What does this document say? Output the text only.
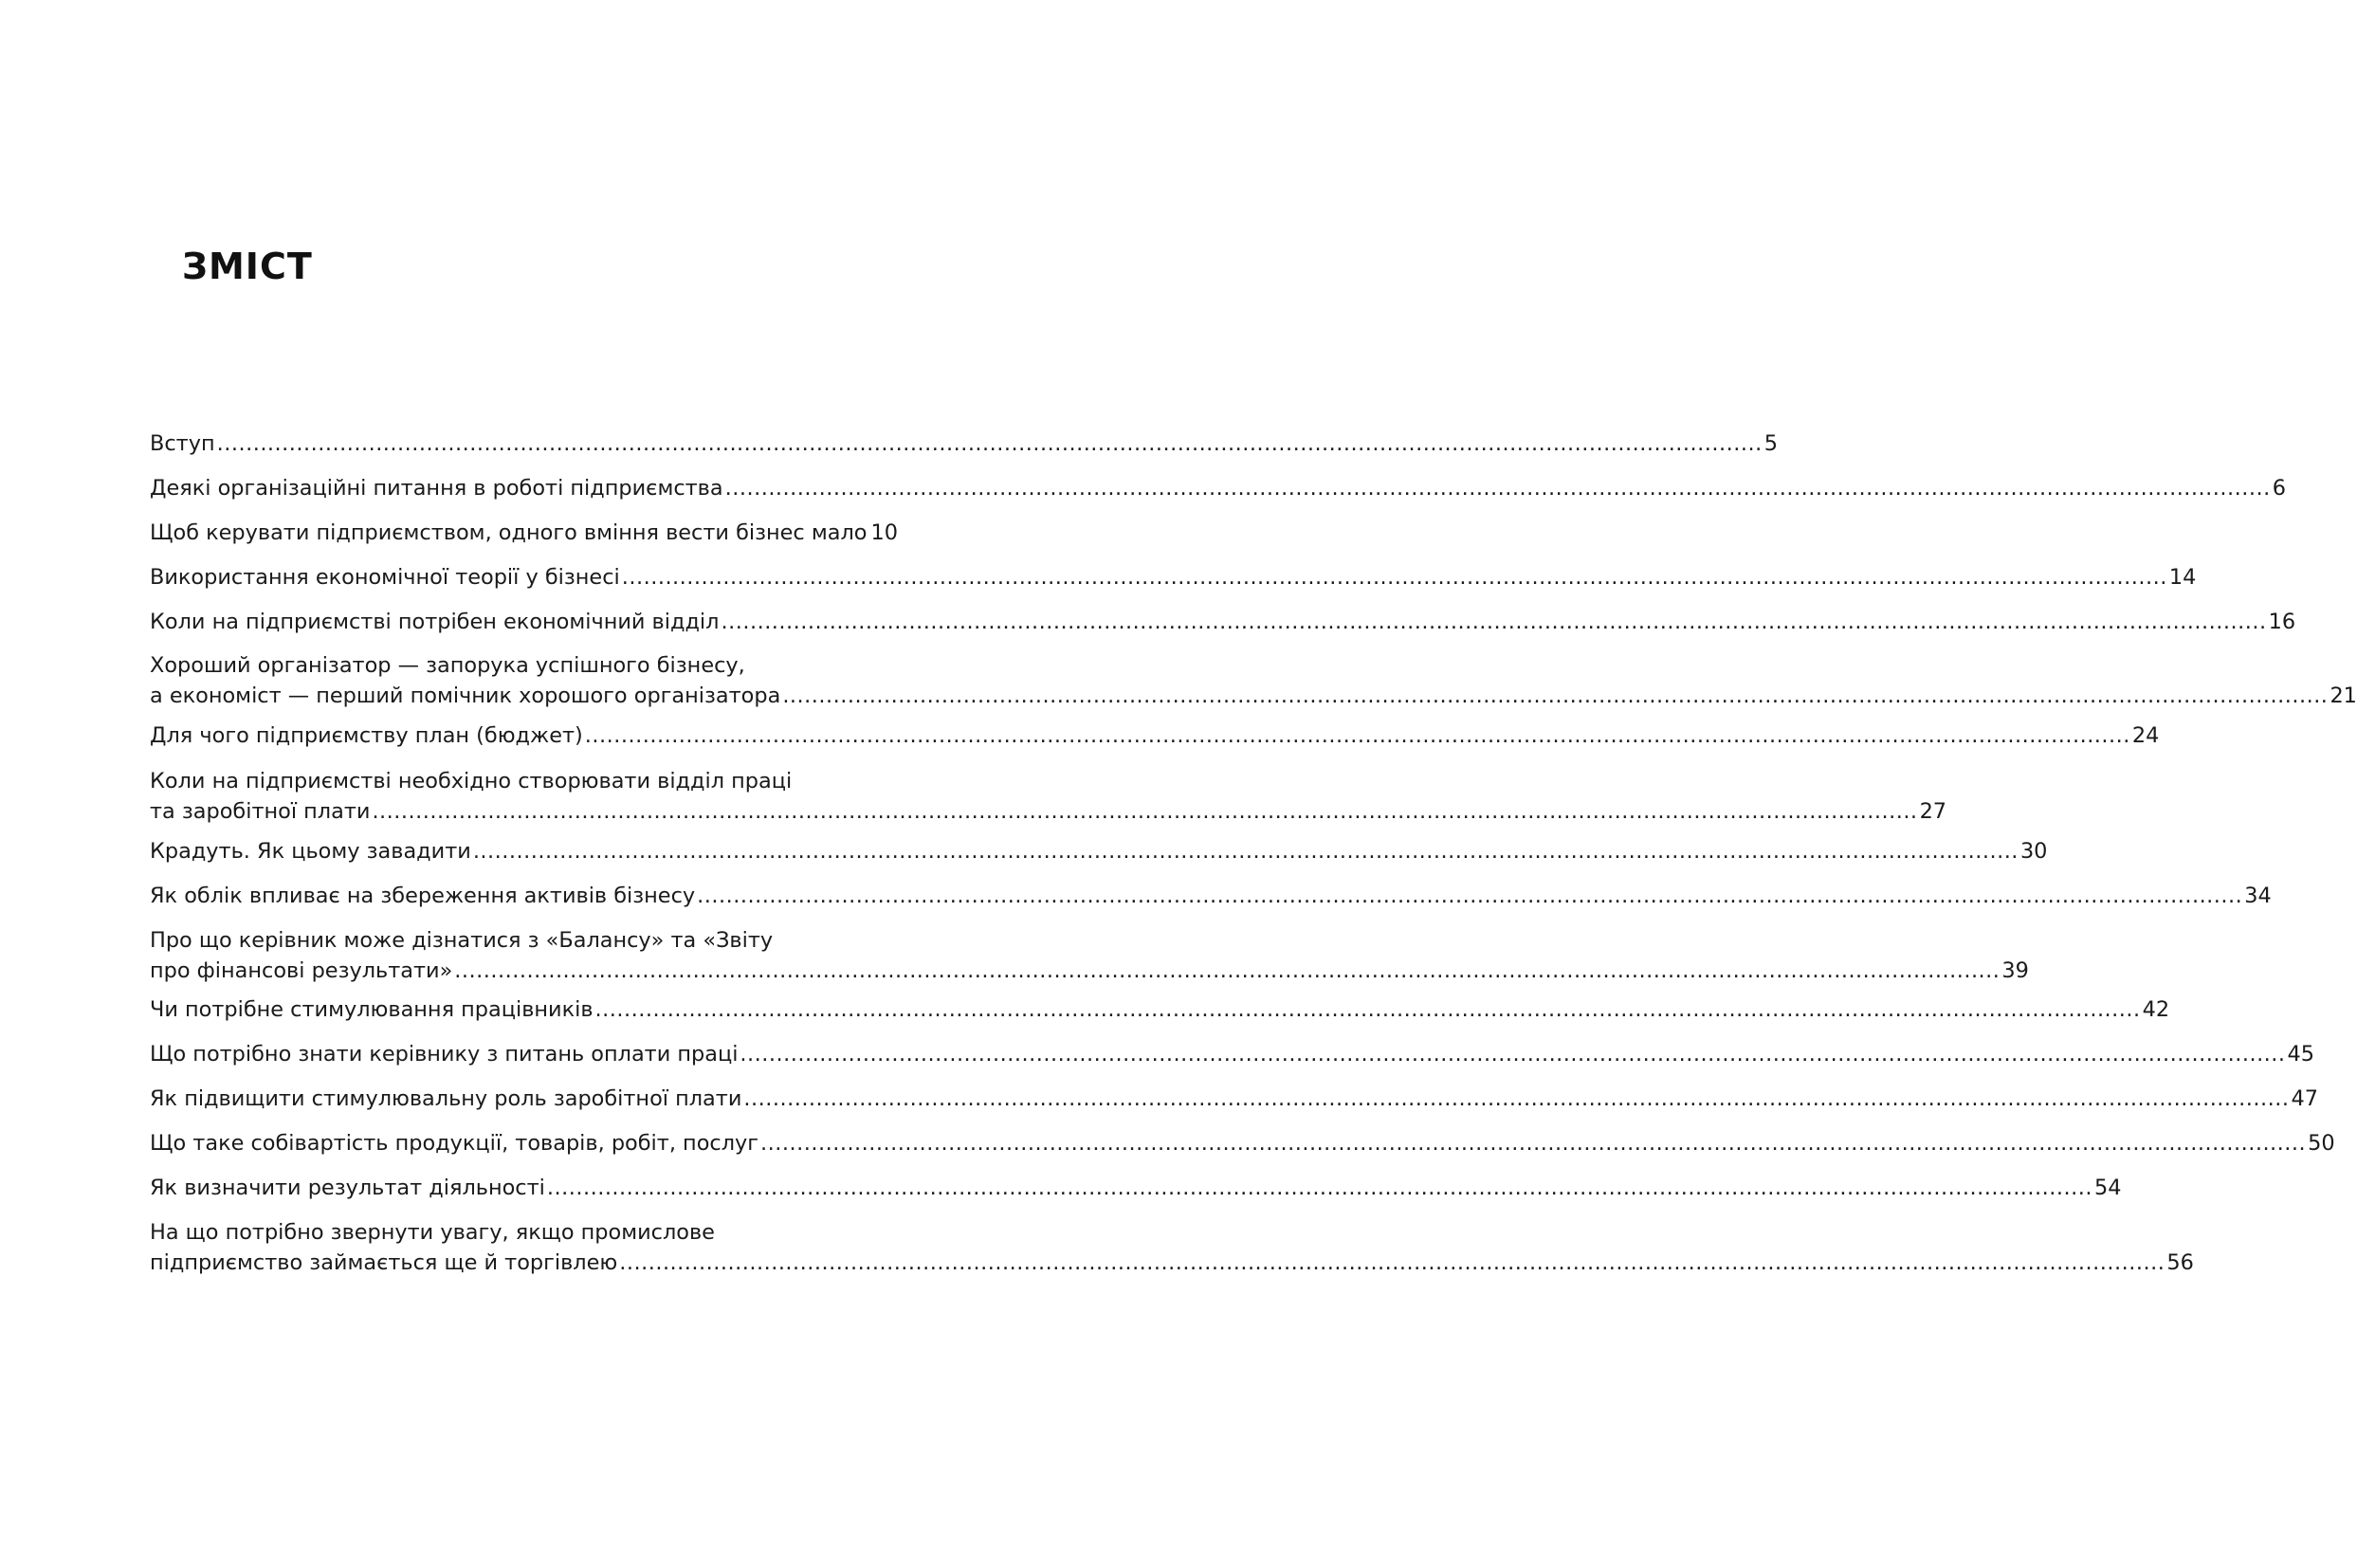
ЗМІСТ
Вступ ...................................................................................................................................................................................................................... 5
Деякі організаційні питання в роботі підприємства ...................................................................................................................................................................................................................... 6
Щоб керувати підприємством, одного вміння вести бізнес мало 10
Використання економічної теорії у бізнесі ...................................................................................................................................................................................................................... 14
Коли на підприємстві потрібен економічний відділ ...................................................................................................................................................................................................................... 16
Хороший організатор — запорука успішного бізнесу,
а економіст — перший помічник хорошого організатора ...................................................................................................................................................................................................................... 21
Для чого підприємству план (бюджет) ...................................................................................................................................................................................................................... 24
Коли на підприємстві необхідно створювати відділ праці
та заробітної плати ...................................................................................................................................................................................................................... 27
Крадуть. Як цьому завадити ...................................................................................................................................................................................................................... 30
Як облік впливає на збереження активів бізнесу ...................................................................................................................................................................................................................... 34
Про що керівник може дізнатися з «Балансу» та «Звіту
про фінансові результати» ...................................................................................................................................................................................................................... 39
Чи потрібне стимулювання працівників ...................................................................................................................................................................................................................... 42
Що потрібно знати керівнику з питань оплати праці ...................................................................................................................................................................................................................... 45
Як підвищити стимулювальну роль заробітної плати ...................................................................................................................................................................................................................... 47
Що таке собівартість продукції, товарів, робіт, послуг ...................................................................................................................................................................................................................... 50
Як визначити результат діяльності ...................................................................................................................................................................................................................... 54
На що потрібно звернути увагу, якщо промислове
підприємство займається ще й торгівлею ...................................................................................................................................................................................................................... 56
